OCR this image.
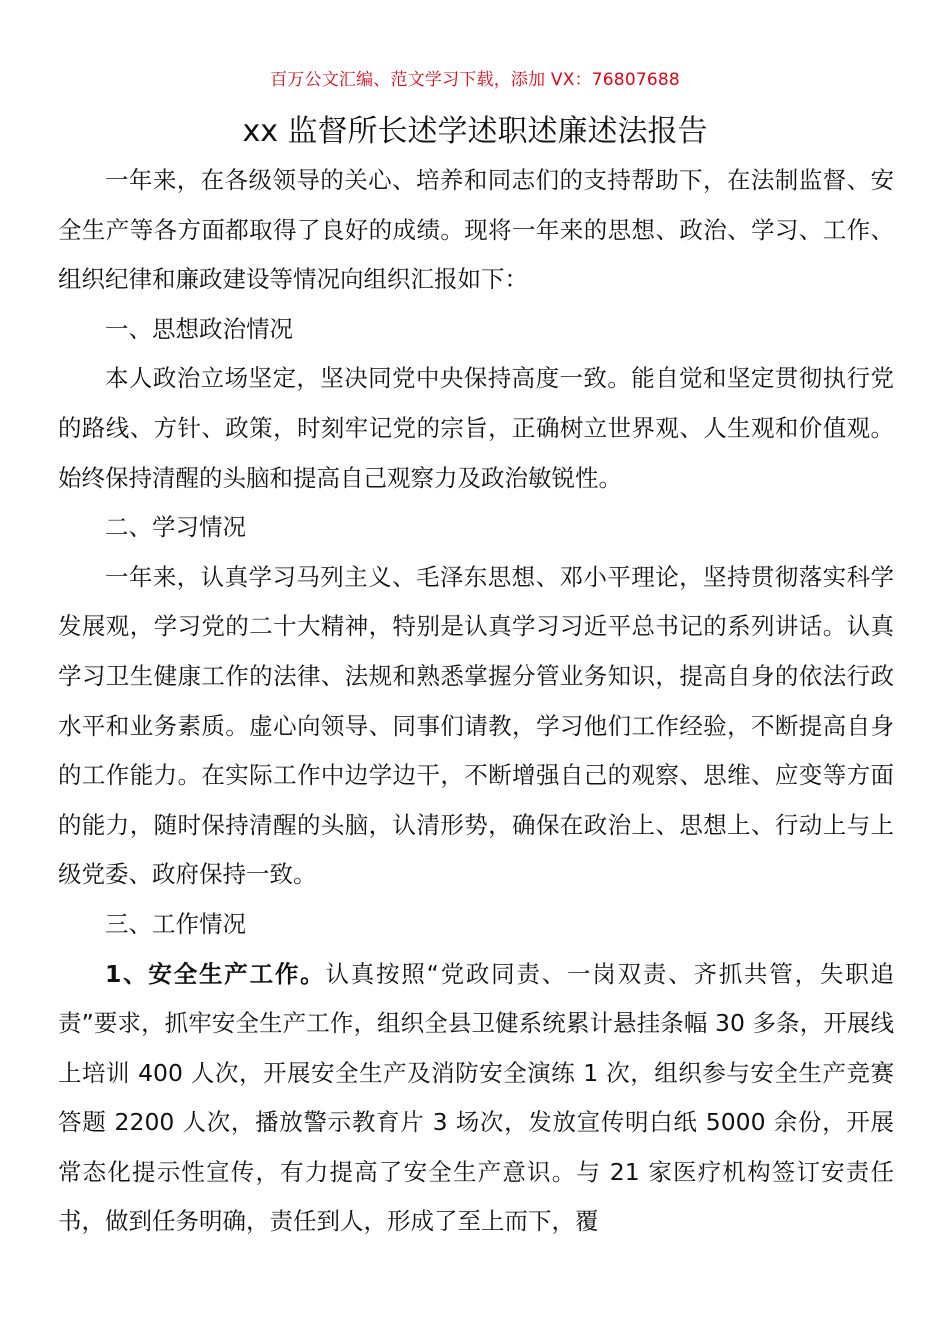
百万公文汇编、范文学习下载，添加 VX：76807688
xx 监督所长述学述职述廉述法报告

一年来，在各级领导的关心、培养和同志们的支持帮助下，在法制监督、安全生产等各方面都取得了良好的成绩。现将一年来的思想、政治、学习、工作、组织纪律和廉政建设等情况向组织汇报如下：

一、思想政治情况

本人政治立场坚定，坚决同党中央保持高度一致。能自觉和坚定贯彻执行党的路线、方针、政策，时刻牢记党的宗旨，正确树立世界观、人生观和价值观。始终保持清醒的头脑和提高自己观察力及政治敏锐性。

二、学习情况

一年来，认真学习马列主义、毛泽东思想、邓小平理论，坚持贯彻落实科学发展观，学习党的二十大精神，特别是认真学习习近平总书记的系列讲话。认真学习卫生健康工作的法律、法规和熟悉掌握分管业务知识，提高自身的依法行政水平和业务素质。虚心向领导、同事们请教，学习他们工作经验，不断提高自身的工作能力。在实际工作中边学边干，不断增强自己的观察、思维、应变等方面的能力，随时保持清醒的头脑，认清形势，确保在政治上、思想上、行动上与上级党委、政府保持一致。

三、工作情况

1、安全生产工作。认真按照“党政同责、一岗双责、齐抓共管，失职追责”要求，抓牢安全生产工作，组织全县卫健系统累计悬挂条幅 30 多条，开展线上培训 400 人次，开展安全生产及消防安全演练 1 次，组织参与安全生产竞赛答题 2200 人次，播放警示教育片 3 场次，发放宣传明白纸 5000 余份，开展常态化提示性宣传，有力提高了安全生产意识。与 21 家医疗机构签订安责任书，做到任务明确，责任到人，形成了至上而下，覆
